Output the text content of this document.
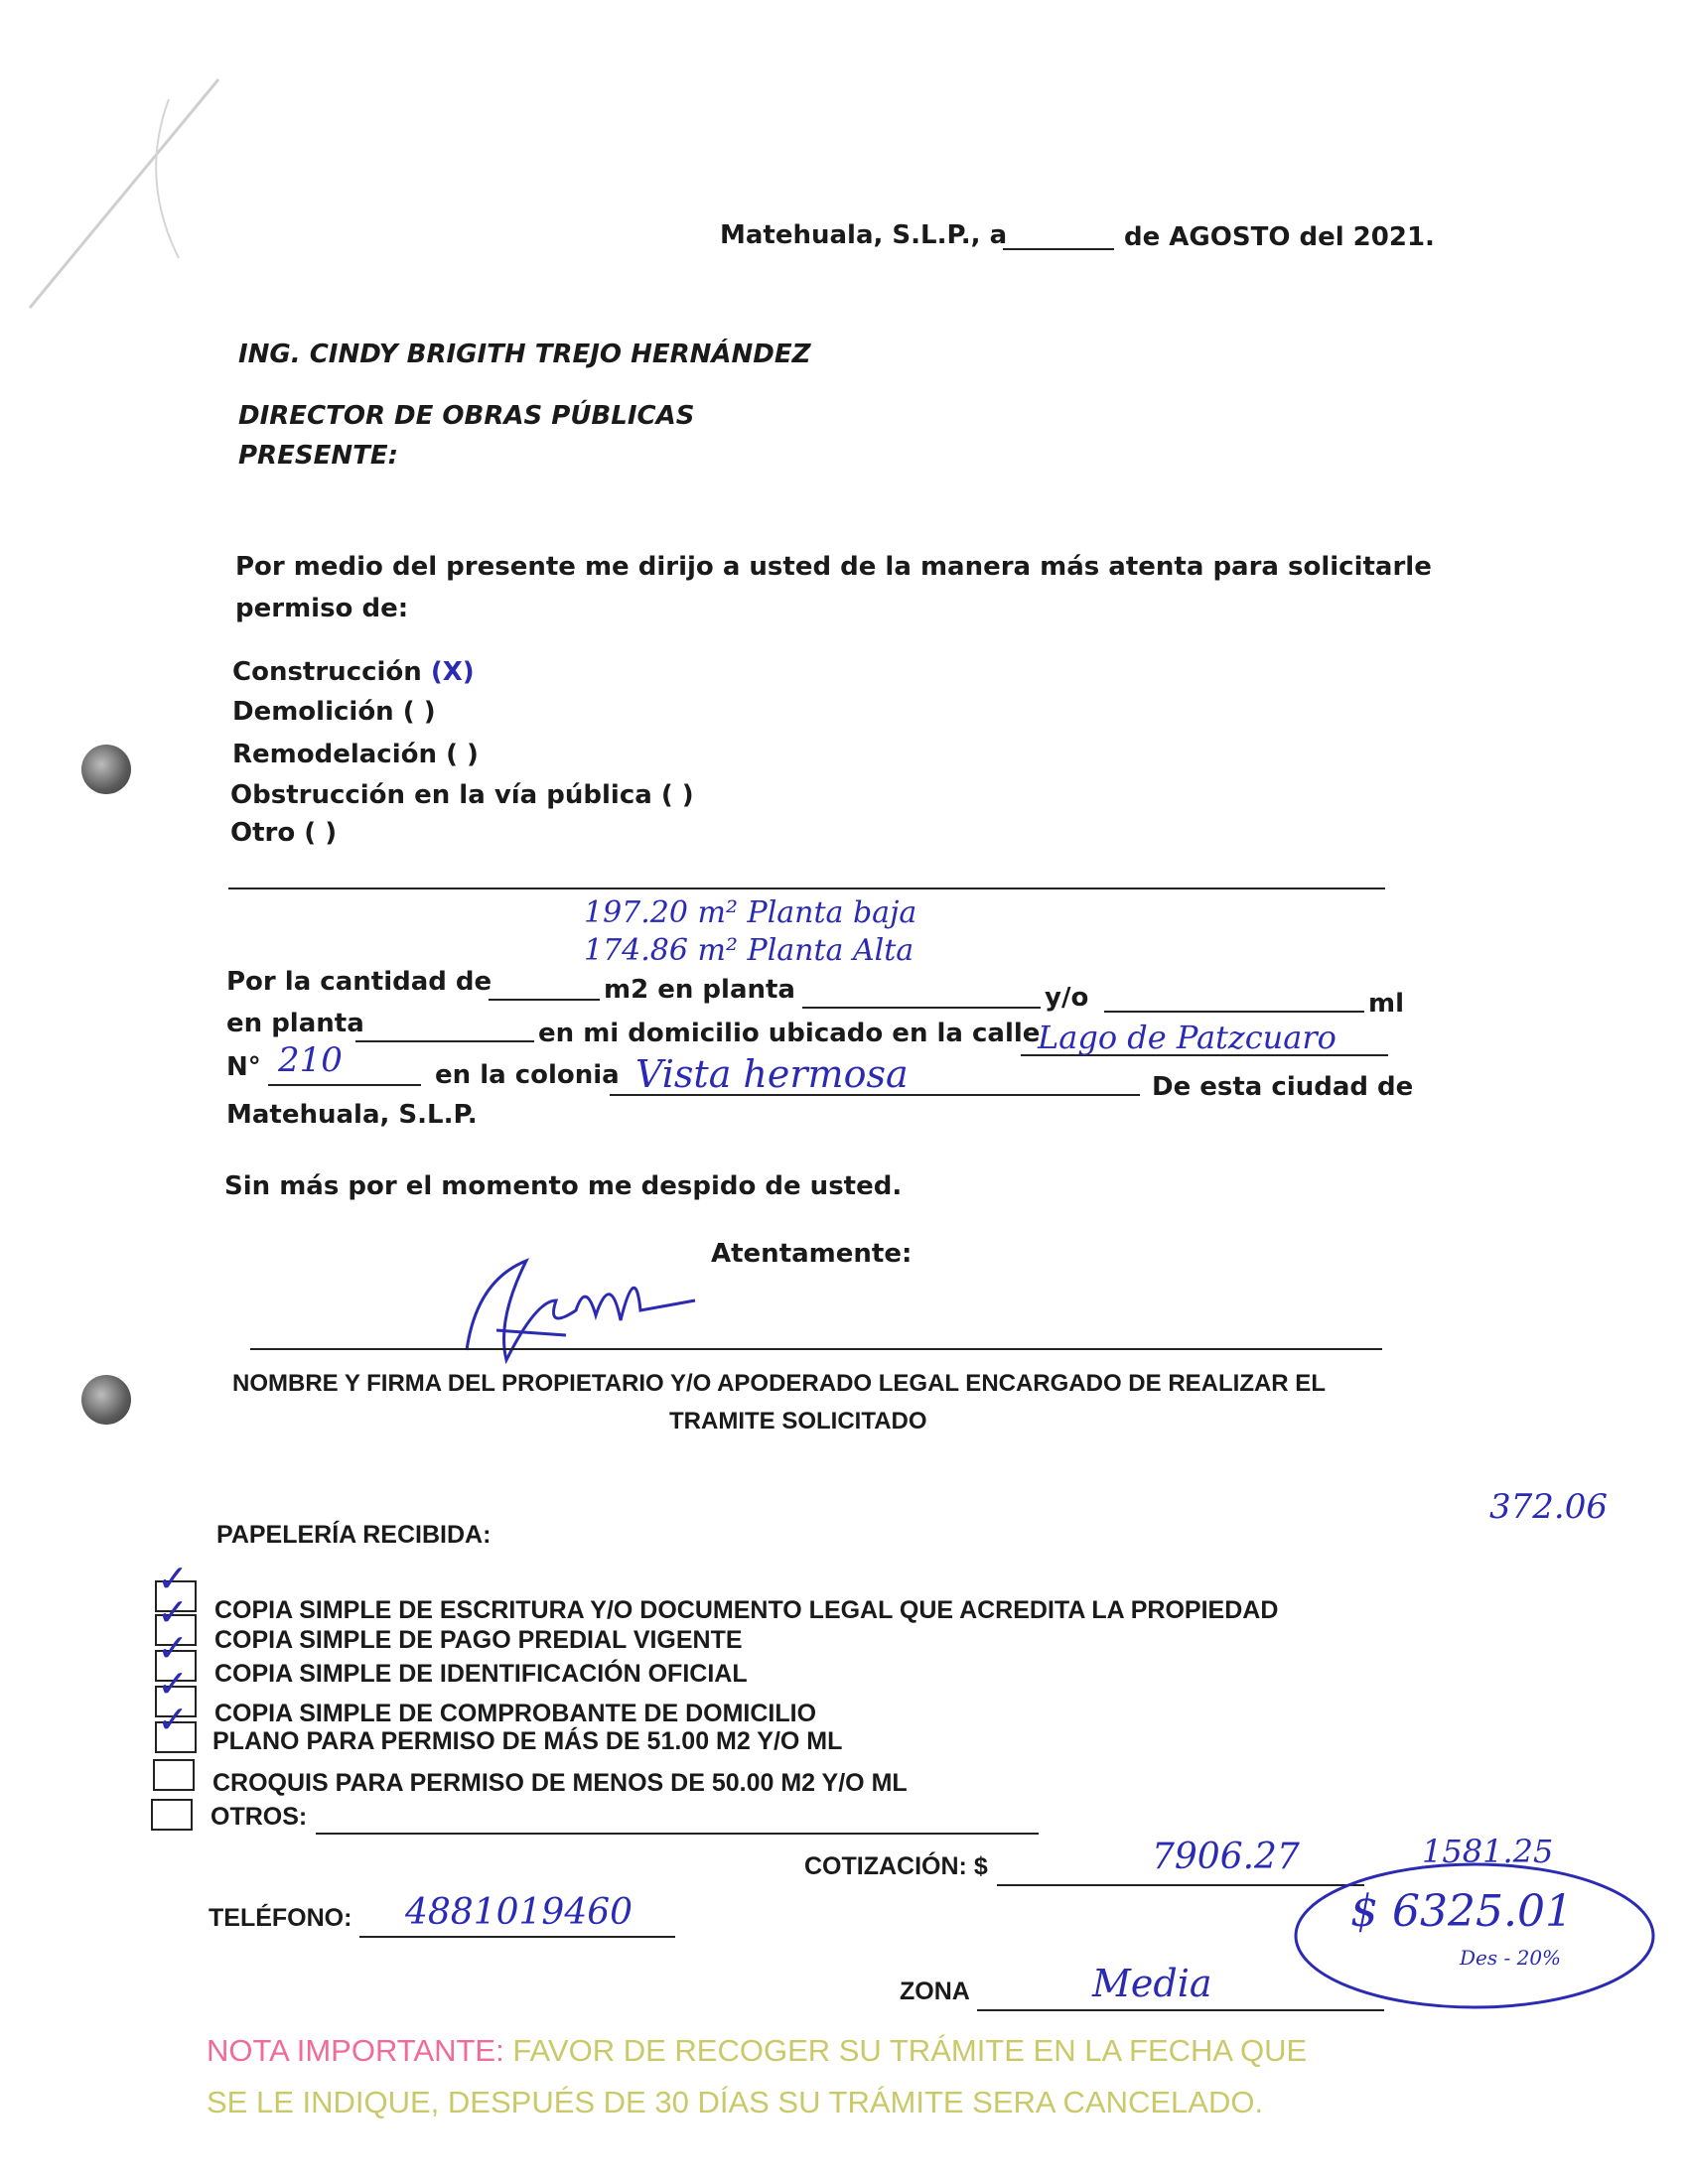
Matehuala, S.L.P., a	de AGOSTO del 2021.
ING. CINDY BRIGITH TREJO HERNÁNDEZ
DIRECTOR DE OBRAS PÚBLICAS
PRESENTE:
Por medio del presente me dirijo a usted de la manera más atenta para solicitarle
permiso de:
Construcción (X)
Demolición ( )
Remodelación ( )
Obstrucción en la vía pública ( )
Otro ( )
197.20 m² Planta baja
174.86 m² Planta Alta
Por la cantidad de	m2 en planta	y/o	ml
en planta	en mi domicilio ubicado en la calle
Lago de Patzcuaro
N° 210	en la colonia Vista hermosa	De esta ciudad de
Matehuala, S.L.P.
Sin más por el momento me despido de usted.
Atentamente:
NOMBRE Y FIRMA DEL PROPIETARIO Y/O APODERADO LEGAL ENCARGADO DE REALIZAR EL
TRAMITE SOLICITADO
372.06
PAPELERÍA RECIBIDA:
✓
COPIA SIMPLE DE ESCRITURA Y/O DOCUMENTO LEGAL QUE ACREDITA LA PROPIEDAD
✓
COPIA SIMPLE DE PAGO PREDIAL VIGENTE
✓
COPIA SIMPLE DE IDENTIFICACIÓN OFICIAL
✓
COPIA SIMPLE DE COMPROBANTE DE DOMICILIO
✓ PLANO PARA PERMISO DE MÁS DE 51.00 M2 Y/O ML
CROQUIS PARA PERMISO DE MENOS DE 50.00 M2 Y/O ML
OTROS:
COTIZACIÓN: $	7906.27	1581.25
$ 6325.01
Des - 20%
TELÉFONO: 4881019460
ZONA	Media
NOTA IMPORTANTE: FAVOR DE RECOGER SU TRÁMITE EN LA FECHA QUE
SE LE INDIQUE, DESPUÉS DE 30 DÍAS SU TRÁMITE SERA CANCELADO.
